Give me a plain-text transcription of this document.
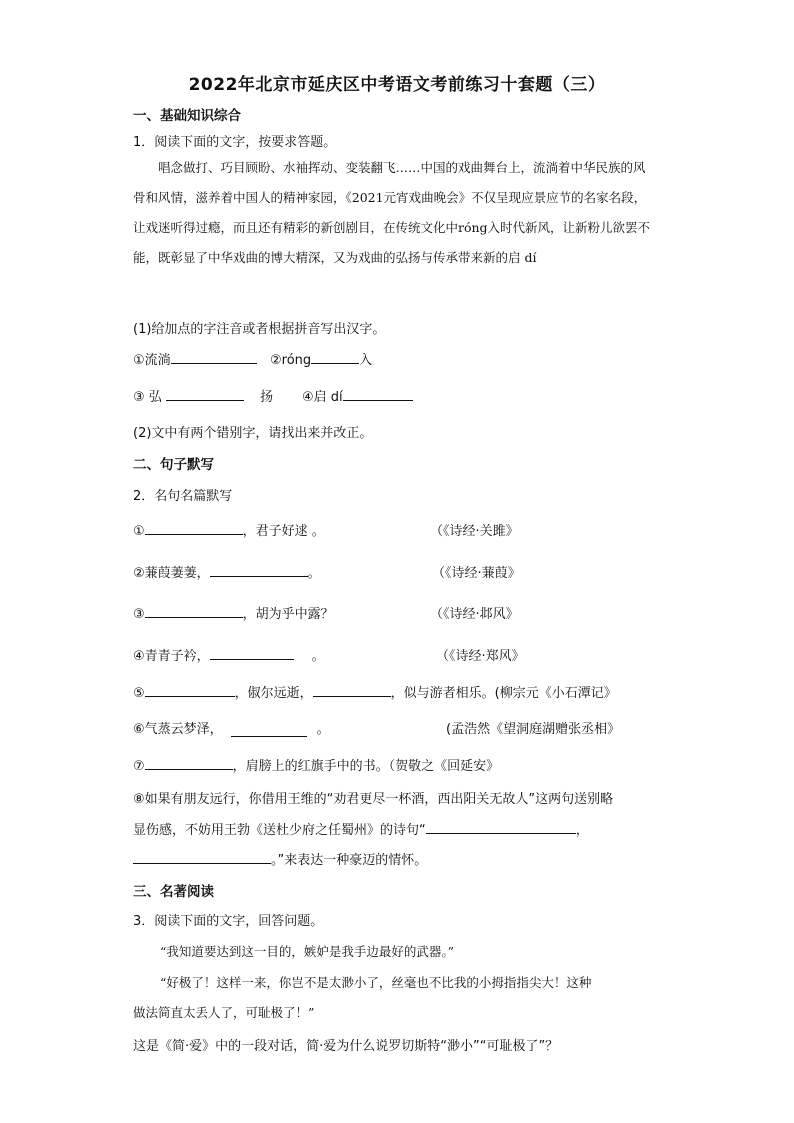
2022年北京市延庆区中考语文考前练习十套题（三）
一、基础知识综合
1．阅读下面的文字，按要求答题。
唱念做打、巧目顾盼、水袖挥动、变装翻飞……中国的戏曲舞台上，流淌着中华民族的风骨和风情，滋养着中国人的精神家园，《2021元宵戏曲晚会》不仅呈现应景应节的名家名段，让戏迷听得过瘾，而且还有精彩的新创剧目，在传统文化中róng入时代新风，让新粉儿欲罢不能，既彰显了中华戏曲的博大精深，又为戏曲的弘扬与传承带来新的启 dí
(1)给加点的字注音或者根据拼音写出汉字。
①流淌	②róng	入
③ 弘	扬 ④启 dí
(2)文中有两个错别字，请找出来并改正。
二、句子默写
2．名句名篇默写
①	，君子好逑 。	（《诗经·关雎》
②蒹葭萋萋，	。	（《诗经·蒹葭》
③	，胡为乎中露？	（《诗经·邶风》
④青青子衿，	。	（《诗经·郑风》
⑤	，俶尔远逝，	，似与游者相乐。(柳宗元《小石潭记》
⑥气蒸云梦泽，	。	(孟浩然《望洞庭湖赠张丞相》
⑦	，肩膀上的红旗手中的书。（贺敬之《回延安》
⑧如果有朋友远行，你借用王维的“劝君更尽一杯酒，西出阳关无故人”这两句送别略
显伤感，不妨用王勃《送杜少府之任蜀州》的诗句“	，
。”来表达一种豪迈的情怀。
三、名著阅读
3．阅读下面的文字，回答问题。
“我知道要达到这一目的，嫉妒是我手边最好的武器。”
“好极了！这样一来，你岂不是太渺小了，丝毫也不比我的小拇指指尖大！这种
做法简直太丢人了，可耻极了！”
这是《简·爱》中的一段对话，简·爱为什么说罗切斯特“渺小”“可耻极了”？
